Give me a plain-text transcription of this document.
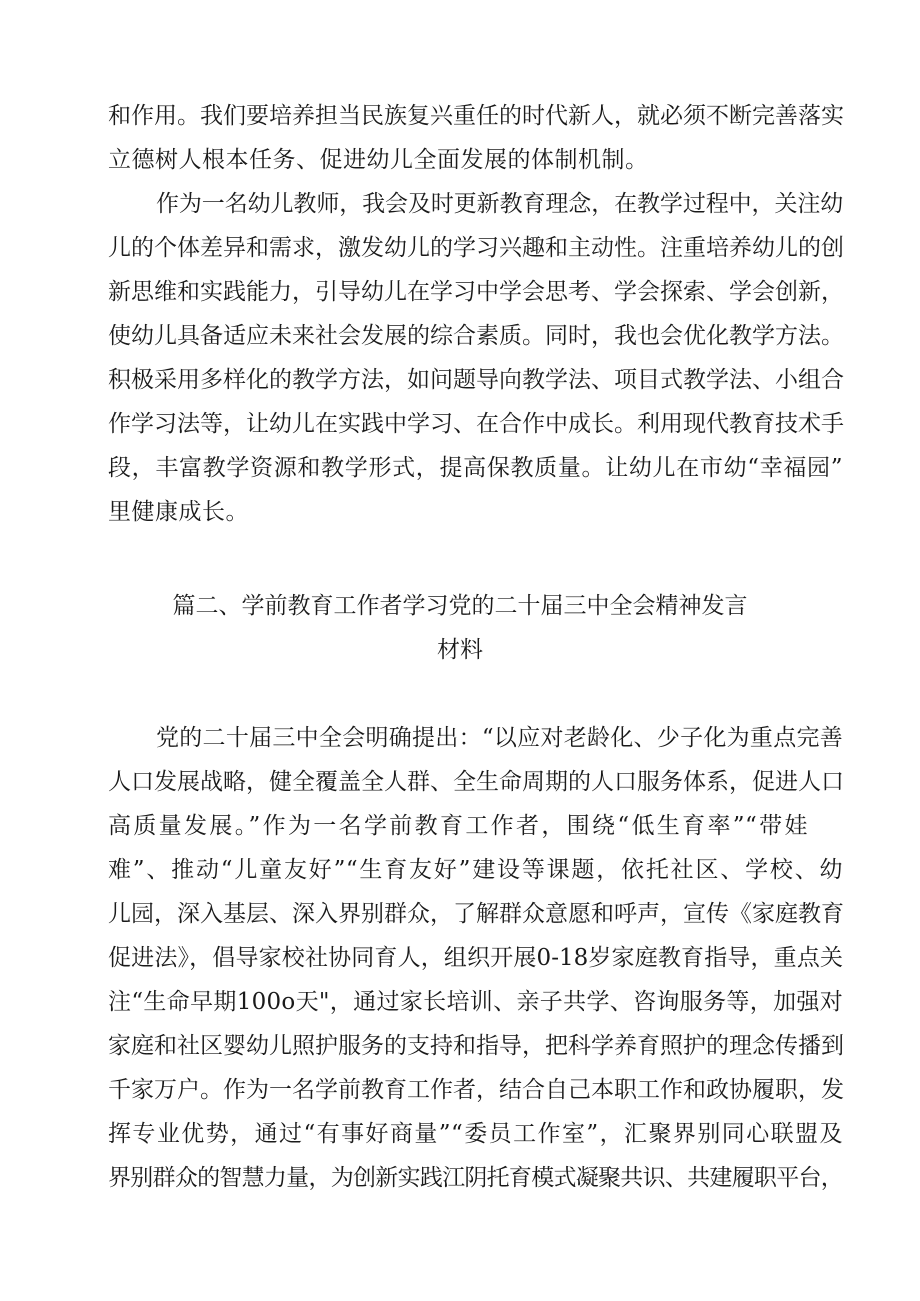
和作用。我们要培养担当民族复兴重任的时代新人，就必须不断完善落实
立德树人根本任务、促进幼儿全面发展的体制机制。
作为一名幼儿教师，我会及时更新教育理念，在教学过程中，关注幼
儿的个体差异和需求，激发幼儿的学习兴趣和主动性。注重培养幼儿的创
新思维和实践能力，引导幼儿在学习中学会思考、学会探索、学会创新，
使幼儿具备适应未来社会发展的综合素质。同时，我也会优化教学方法。
积极采用多样化的教学方法，如问题导向教学法、项目式教学法、小组合
作学习法等，让幼儿在实践中学习、在合作中成长。利用现代教育技术手
段，丰富教学资源和教学形式，提高保教质量。让幼儿在市幼“幸福园”
里健康成长。
篇二、学前教育工作者学习党的二十届三中全会精神发言
材料
党的二十届三中全会明确提出：“以应对老龄化、少子化为重点完善
人口发展战略，健全覆盖全人群、全生命周期的人口服务体系，促进人口
高质量发展。”作为一名学前教育工作者，围绕“低生育率”“带娃
难”、推动“儿童友好”“生育友好”建设等课题，依托社区、学校、幼
儿园，深入基层、深入界别群众，了解群众意愿和呼声，宣传《家庭教育
促进法》，倡导家校社协同育人，组织开展0-18岁家庭教育指导，重点关
注“生命早期100o天"，通过家长培训、亲子共学、咨询服务等，加强对
家庭和社区婴幼儿照护服务的支持和指导，把科学养育照护的理念传播到
千家万户。作为一名学前教育工作者，结合自己本职工作和政协履职，发
挥专业优势，通过“有事好商量”“委员工作室”，汇聚界别同心联盟及
界别群众的智慧力量，为创新实践江阴托育模式凝聚共识、共建履职平台，
